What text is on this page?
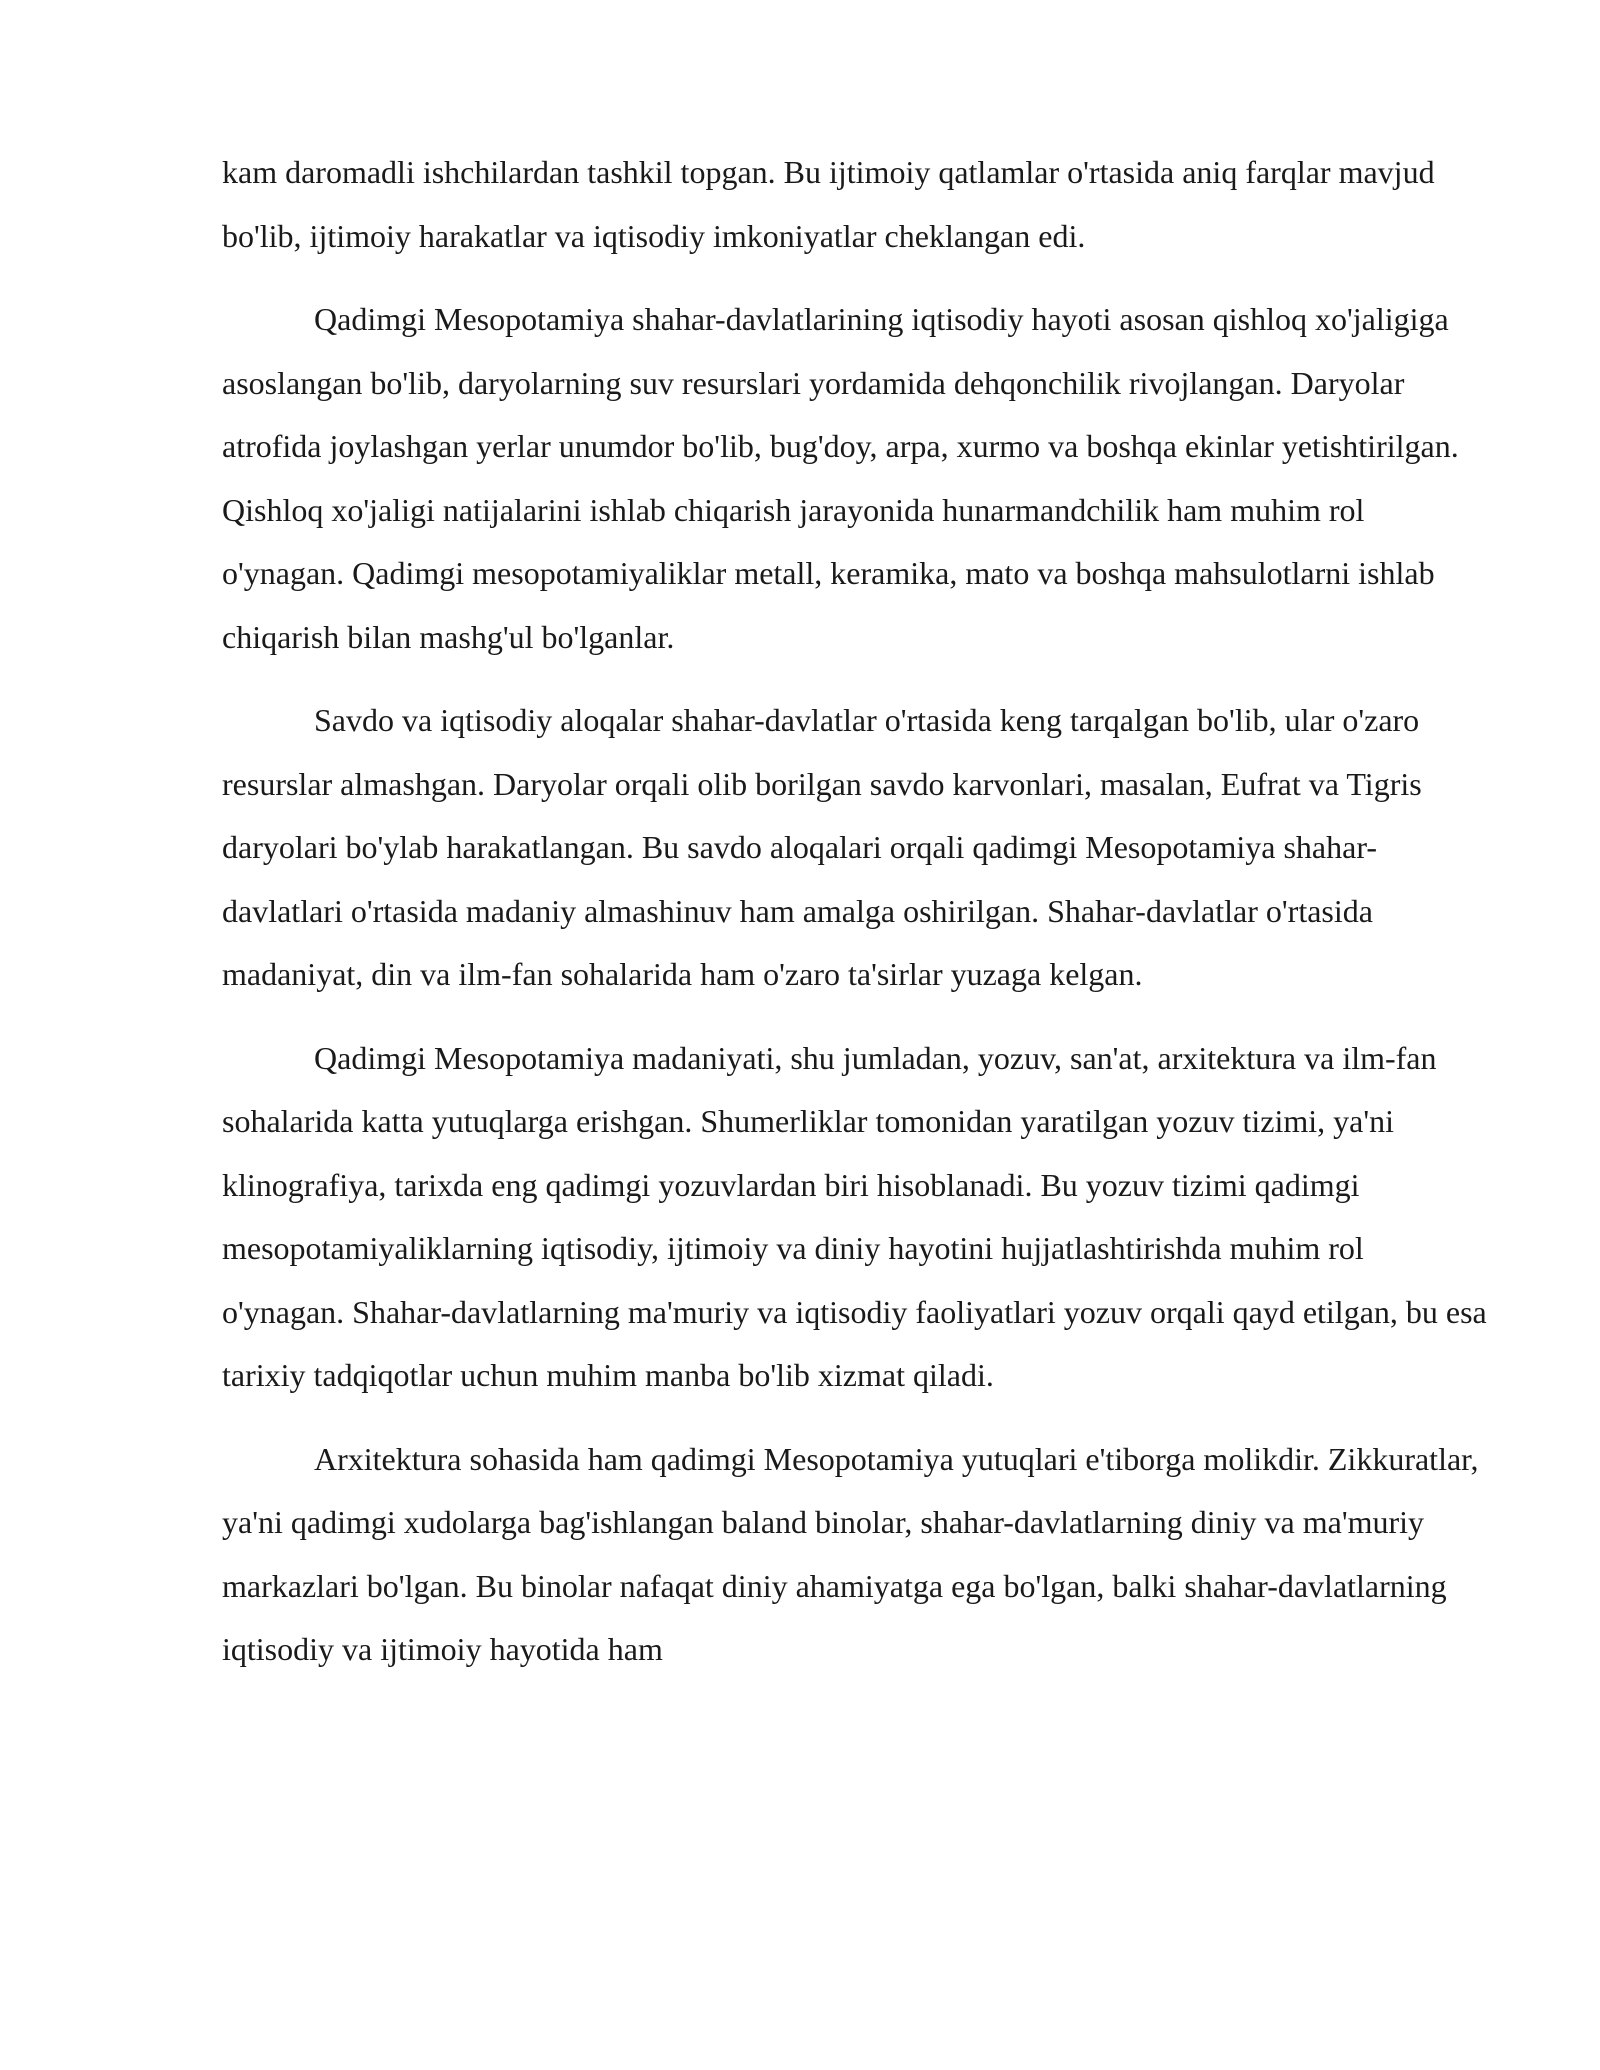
kam daromadli ishchilardan tashkil topgan. Bu ijtimoiy qatlamlar o'rtasida aniq farqlar mavjud bo'lib, ijtimoiy harakatlar va iqtisodiy imkoniyatlar cheklangan edi.

Qadimgi Mesopotamiya shahar-davlatlarining iqtisodiy hayoti asosan qishloq xo'jaligiga asoslangan bo'lib, daryolarning suv resurslari yordamida dehqonchilik rivojlangan. Daryolar atrofida joylashgan yerlar unumdor bo'lib, bug'doy, arpa, xurmo va boshqa ekinlar yetishtirilgan. Qishloq xo'jaligi natijalarini ishlab chiqarish jarayonida hunarmandchilik ham muhim rol o'ynagan. Qadimgi mesopotamiyaliklar metall, keramika, mato va boshqa mahsulotlarni ishlab chiqarish bilan mashg'ul bo'lganlar.

Savdo va iqtisodiy aloqalar shahar-davlatlar o'rtasida keng tarqalgan bo'lib, ular o'zaro resurslar almashgan. Daryolar orqali olib borilgan savdo karvonlari, masalan, Eufrat va Tigris daryolari bo'ylab harakatlangan. Bu savdo aloqalari orqali qadimgi Mesopotamiya shahar-davlatlari o'rtasida madaniy almashinuv ham amalga oshirilgan. Shahar-davlatlar o'rtasida madaniyat, din va ilm-fan sohalarida ham o'zaro ta'sirlar yuzaga kelgan.

Qadimgi Mesopotamiya madaniyati, shu jumladan, yozuv, san'at, arxitektura va ilm-fan sohalarida katta yutuqlarga erishgan. Shumerliklar tomonidan yaratilgan yozuv tizimi, ya'ni klinografiya, tarixda eng qadimgi yozuvlardan biri hisoblanadi. Bu yozuv tizimi qadimgi mesopotamiyaliklarning iqtisodiy, ijtimoiy va diniy hayotini hujjatlashtirishda muhim rol o'ynagan. Shahar-davlatlarning ma'muriy va iqtisodiy faoliyatlari yozuv orqali qayd etilgan, bu esa tarixiy tadqiqotlar uchun muhim manba bo'lib xizmat qiladi.

Arxitektura sohasida ham qadimgi Mesopotamiya yutuqlari e'tiborga molikdir. Zikkuratlar, ya'ni qadimgi xudolarga bag'ishlangan baland binolar, shahar-davlatlarning diniy va ma'muriy markazlari bo'lgan. Bu binolar nafaqat diniy ahamiyatga ega bo'lgan, balki shahar-davlatlarning iqtisodiy va ijtimoiy hayotida ham
